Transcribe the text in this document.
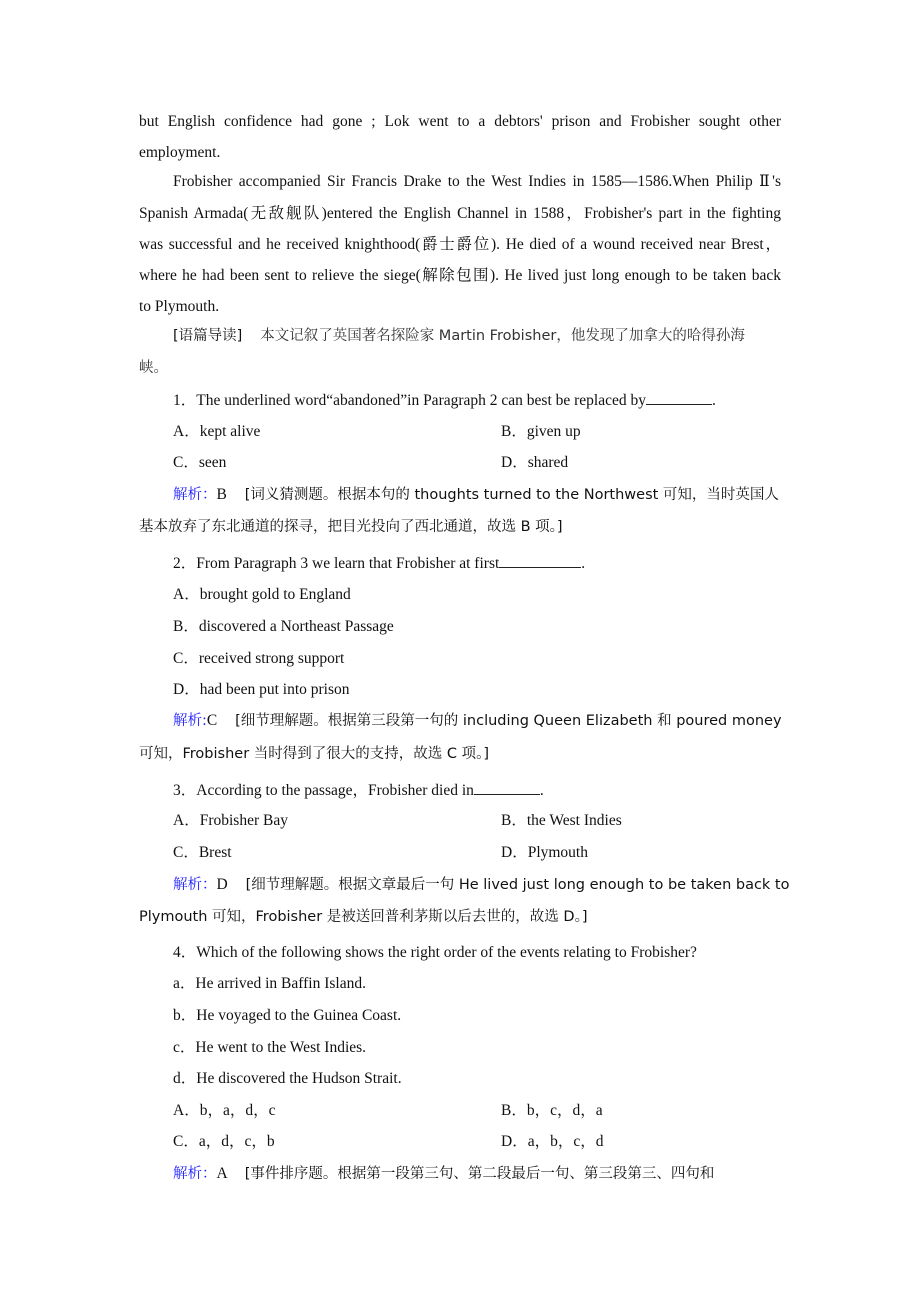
but English confidence had gone ; Lok went to a debtors' prison and Frobisher sought other
employment.
Frobisher accompanied Sir Francis Drake to the West Indies in 1585—1586.When Philip Ⅱ's
Spanish Armada(无敌舰队)entered the English Channel in 1588，Frobisher's part in the fighting
was successful and he received knighthood(爵士爵位). He died of a wound received near Brest，
where he had been sent to relieve the siege(解除包围). He lived just long enough to be taken back
to Plymouth.
[语篇导读] 本文记叙了英国著名探险家 Martin Frobisher，他发现了加拿大的哈得孙海
峡。
1．The underlined word“abandoned”in Paragraph 2 can best be replaced by	.
A．kept alive	B．given up
C．seen	D．shared
解析：B [词义猜测题。根据本句的 thoughts turned to the Northwest 可知，当时英国人
基本放弃了东北通道的探寻，把目光投向了西北通道，故选 B 项。]
2．From Paragraph 3 we learn that Frobisher at first	.
A．brought gold to England
B．discovered a Northeast Passage
C．received strong support
D．had been put into prison
解析:C [细节理解题。根据第三段第一句的 including Queen Elizabeth 和 poured money
可知，Frobisher 当时得到了很大的支持，故选 C 项。]
3．According to the passage，Frobisher died in	.
A．Frobisher Bay	B．the West Indies
C．Brest	D．Plymouth
解析：D [细节理解题。根据文章最后一句 He lived just long enough to be taken back to
Plymouth 可知，Frobisher 是被送回普利茅斯以后去世的，故选 D。]
4．Which of the following shows the right order of the events relating to Frobisher?
a．He arrived in Baffin Island.
b．He voyaged to the Guinea Coast.
c．He went to the West Indies.
d．He discovered the Hudson Strait.
A．b，a，d，c	B．b，c，d，a
C．a，d，c，b	D．a，b，c，d
解析：A [事件排序题。根据第一段第三句、第二段最后一句、第三段第三、四句和
